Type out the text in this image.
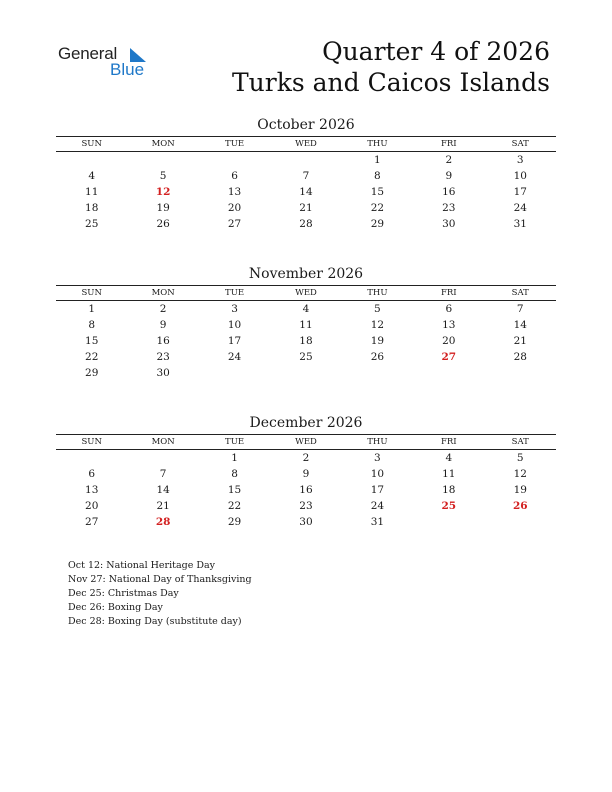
General
Blue
Quarter 4 of 2026
Turks and Caicos Islands
October 2026
SUN	MON	TUE	WED	THU	FRI	SAT
				1	2	3
4	5	6	7	8	9	10
11	12	13	14	15	16	17
18	19	20	21	22	23	24
25	26	27	28	29	30	31
November 2026
SUN	MON	TUE	WED	THU	FRI	SAT
1	2	3	4	5	6	7
8	9	10	11	12	13	14
15	16	17	18	19	20	21
22	23	24	25	26	27	28
29	30					
December 2026
SUN	MON	TUE	WED	THU	FRI	SAT
		1	2	3	4	5
6	7	8	9	10	11	12
13	14	15	16	17	18	19
20	21	22	23	24	25	26
27	28	29	30	31		
Oct 12: National Heritage Day
Nov 27: National Day of Thanksgiving
Dec 25: Christmas Day
Dec 26: Boxing Day
Dec 28: Boxing Day (substitute day)
